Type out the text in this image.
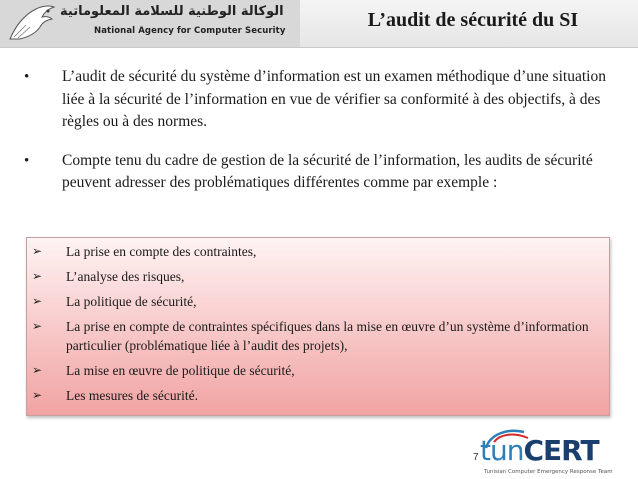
الوكالة الوطنية للسلامة المعلوماتية
National Agency for Computer Security	L’audit de sécurité du SI
• L’audit de sécurité du système d’information est un examen méthodique d’une situation liée à la sécurité de l’information en vue de vérifier sa conformité à des objectifs, à des règles ou à des normes.
• Compte tenu du cadre de gestion de la sécurité de l’information, les audits de sécurité peuvent adresser des problématiques différentes comme par exemple :
➢ La prise en compte des contraintes,
➢ L’analyse des risques,
➢ La politique de sécurité,
➢ La prise en compte de contraintes spécifiques dans la mise en œuvre d’un système d’information particulier (problématique liée à l’audit des projets),
➢ La mise en œuvre de politique de sécurité,
➢ Les mesures de sécurité.
7 tunCERT
Tunisian Computer Emergency Response Team
